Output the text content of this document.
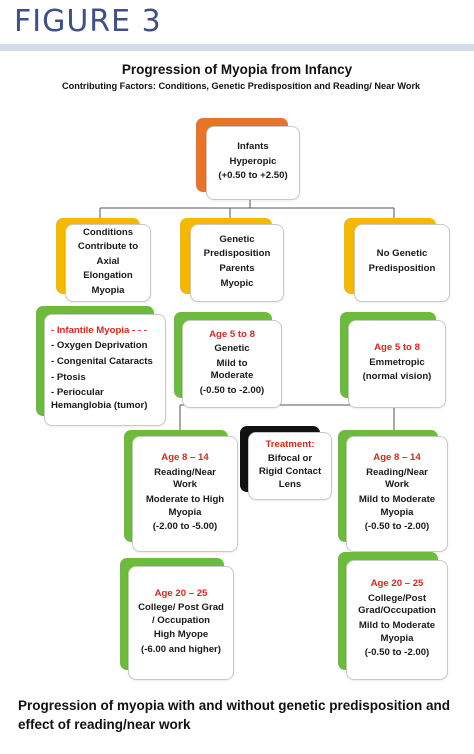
FIGURE 3
Progression of Myopia from Infancy
Contributing Factors: Conditions, Genetic Predisposition and Reading/ Near Work

Infants

Hyperopic

(+0.50 to +2.50)

Conditions

Contribute to

Axial

Elongation

Myopia

Genetic

Predisposition

Parents

Myopic

No Genetic

Predisposition

- Infantile Myopia - - -

- Oxygen Deprivation

- Congenital Cataracts

- Ptosis

- Periocular

Hemanglobia (tumor)

Age 5 to 8

Genetic

Mild to

Moderate

(-0.50 to -2.00)

Age 5 to 8

Emmetropic

(normal vision)

Age 8 – 14

Reading/Near

Work

Moderate to High

Myopia

(-2.00 to -5.00)

Treatment:

Bifocal or

Rigid Contact

Lens

Age 8 – 14

Reading/Near

Work

Mild to Moderate

Myopia

(-0.50 to -2.00)

Age 20 – 25

College/ Post Grad

/ Occupation

High Myope

(-6.00 and higher)

Age 20 – 25

College/Post

Grad/Occupation

Mild to Moderate

Myopia

(-0.50 to -2.00)

Progression of myopia with and without genetic predisposition and effect of reading/near work
